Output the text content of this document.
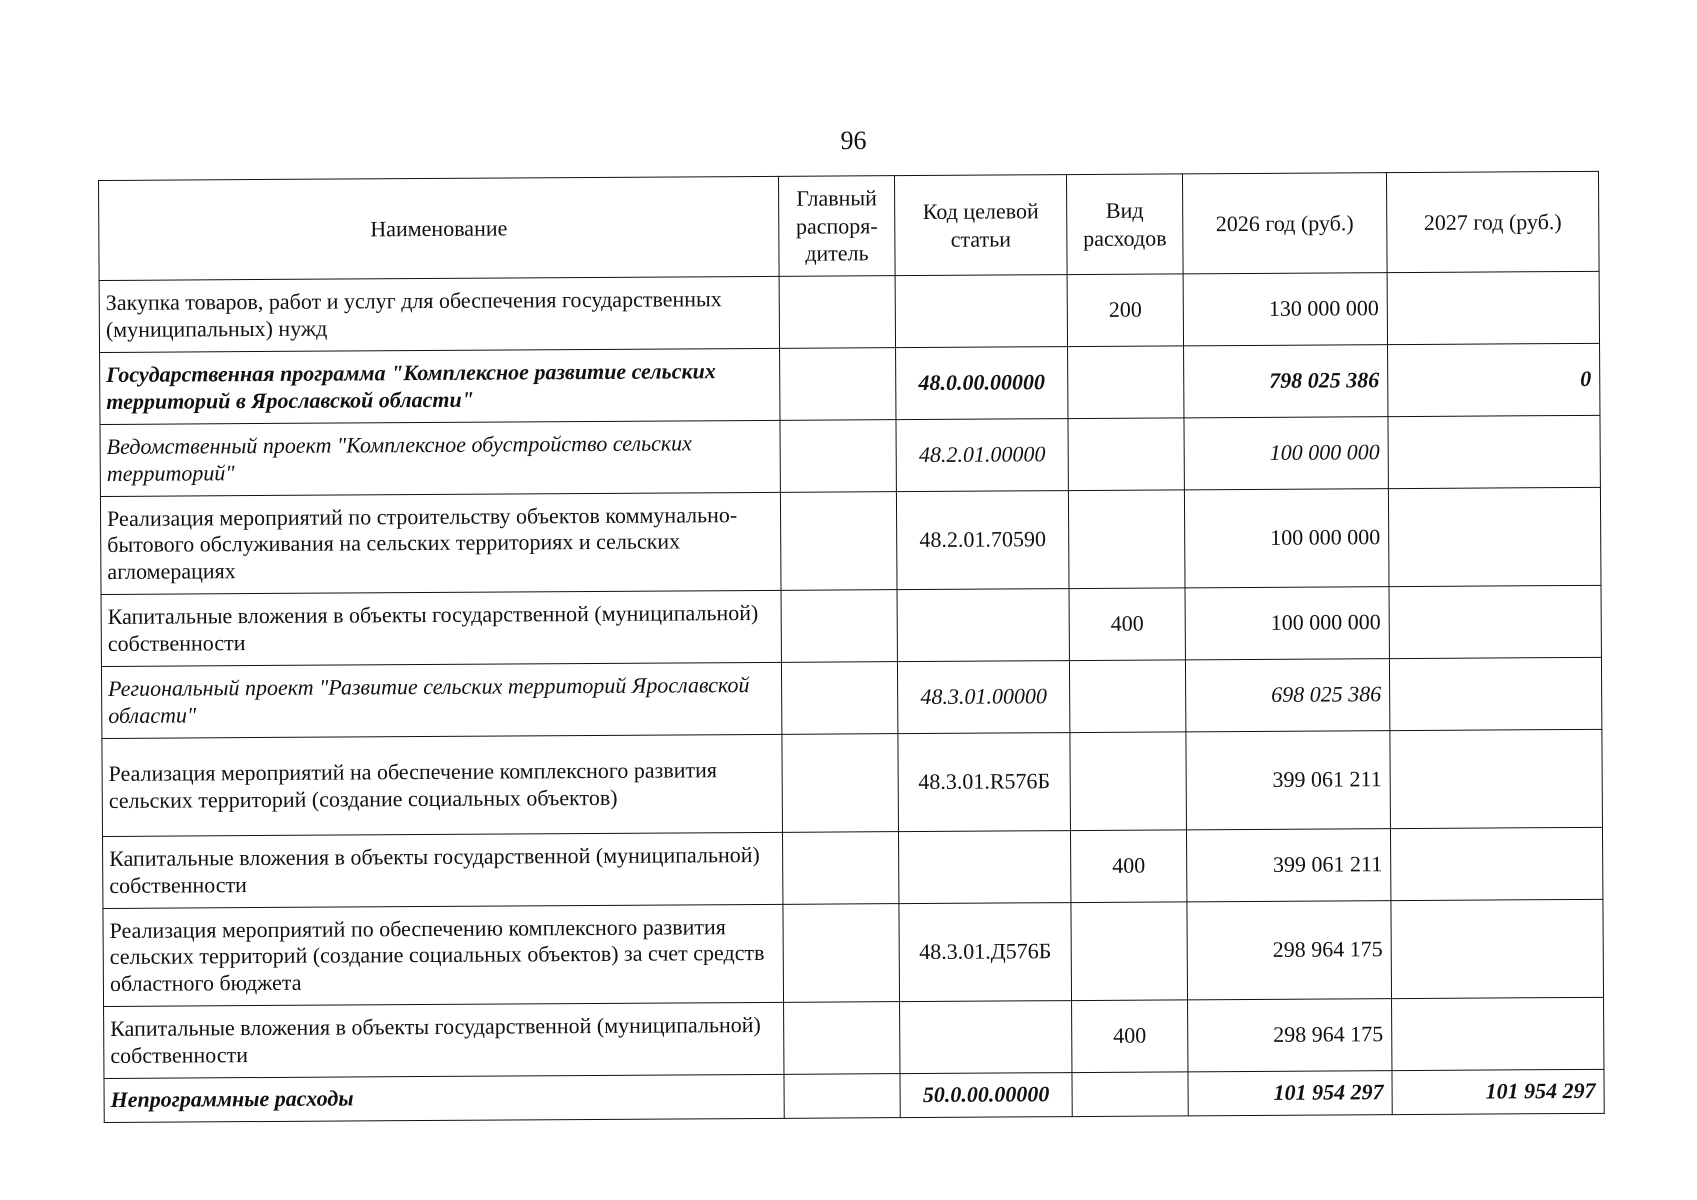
96
Наименование	Главный распоря-дитель	Код целевой статьи	Вид расходов	2026 год (руб.)	2027 год (руб.)
Закупка товаров, работ и услуг для обеспечения государственных (муниципальных) нужд			200	130 000 000	
Государственная программа "Комплексное развитие сельских территорий в Ярославской области"		48.0.00.00000		798 025 386	0
Ведомственный проект "Комплексное обустройство сельских территорий"		48.2.01.00000		100 000 000	
Реализация мероприятий по строительству объектов коммунально-бытового обслуживания на сельских территориях и сельских агломерациях		48.2.01.70590		100 000 000	
Капитальные вложения в объекты государственной (муниципальной) собственности			400	100 000 000	
Региональный проект "Развитие сельских территорий Ярославской области"		48.3.01.00000		698 025 386	
Реализация мероприятий на обеспечение комплексного развития сельских территорий (создание социальных объектов)		48.3.01.R576Б		399 061 211	
Капитальные вложения в объекты государственной (муниципальной) собственности			400	399 061 211	
Реализация мероприятий по обеспечению комплексного развития сельских территорий (создание социальных объектов) за счет средств областного бюджета		48.3.01.Д576Б		298 964 175	
Капитальные вложения в объекты государственной (муниципальной) собственности			400	298 964 175	
Непрограммные расходы		50.0.00.00000		101 954 297	101 954 297
